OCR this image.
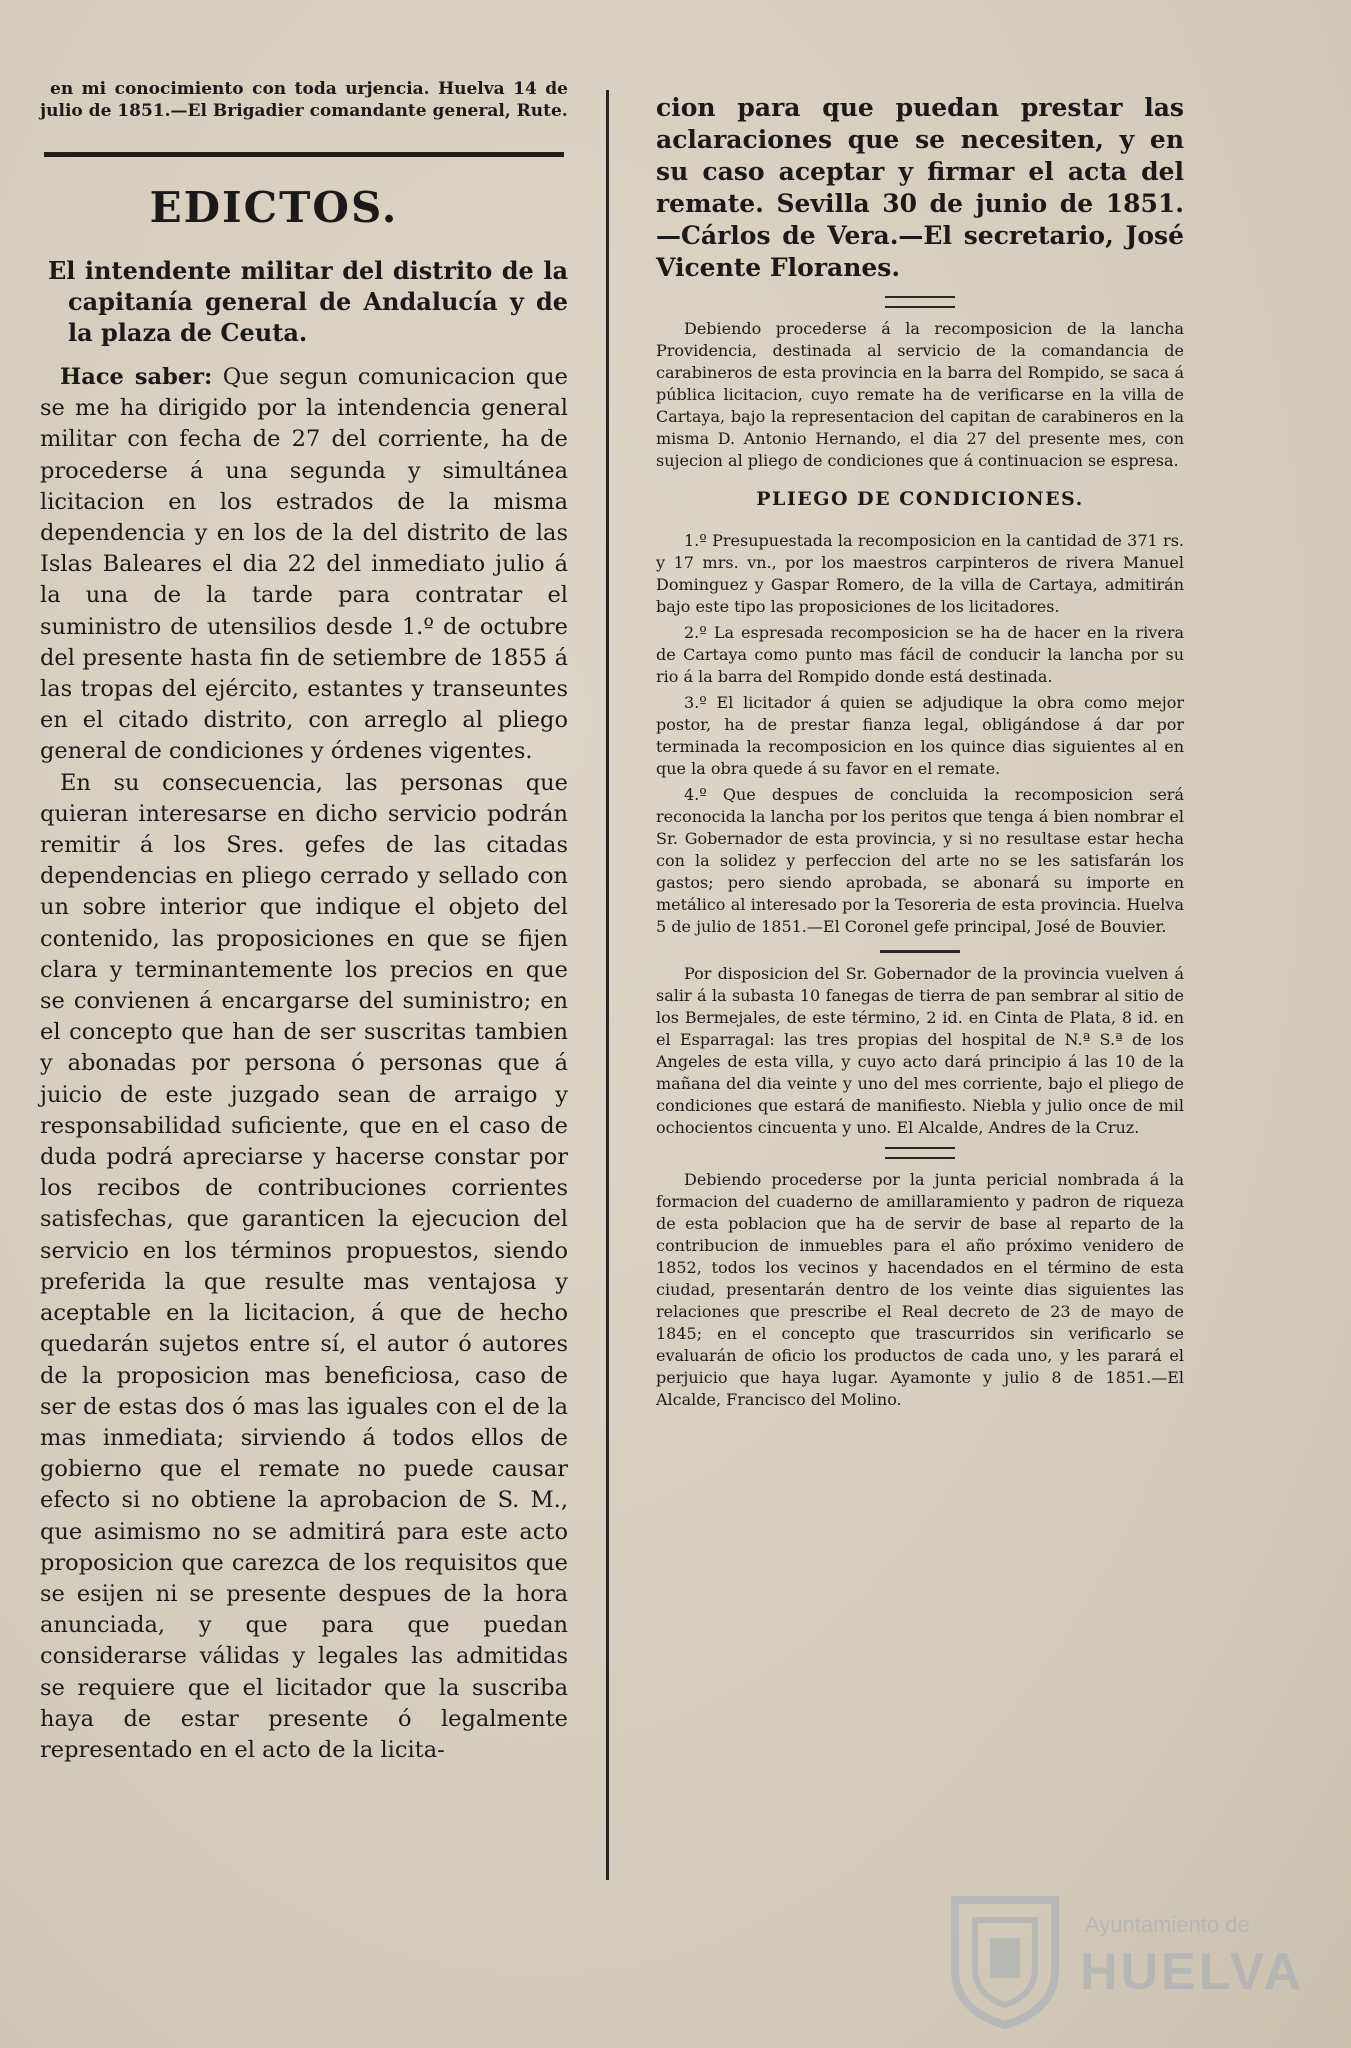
en mi conocimiento con toda urjencia. Huelva 14 de julio de 1851.—El Brigadier comandante general, Rute.

EDICTOS.

El intendente militar del distrito de la capitanía general de Andalucía y de la plaza de Ceuta.

Hace saber: Que segun comunicacion que se me ha dirigido por la intendencia general militar con fecha de 27 del corriente, ha de procederse á una segunda y simultánea licitacion en los estrados de la misma dependencia y en los de la del distrito de las Islas Baleares el dia 22 del inmediato julio á la una de la tarde para contratar el suministro de utensilios desde 1.º de octubre del presente hasta fin de setiembre de 1855 á las tropas del ejército, estantes y transeuntes en el citado distrito, con arreglo al pliego general de condiciones y órdenes vigentes.

En su consecuencia, las personas que quieran interesarse en dicho servicio podrán remitir á los Sres. gefes de las citadas dependencias en pliego cerrado y sellado con un sobre interior que indique el objeto del contenido, las proposiciones en que se fijen clara y terminantemente los precios en que se convienen á encargarse del suministro; en el concepto que han de ser suscritas tambien y abonadas por persona ó personas que á juicio de este juzgado sean de arraigo y responsabilidad suficiente, que en el caso de duda podrá apreciarse y hacerse constar por los recibos de contribuciones corrientes satisfechas, que garanticen la ejecucion del servicio en los términos propuestos, siendo preferida la que resulte mas ventajosa y aceptable en la licitacion, á que de hecho quedarán sujetos entre sí, el autor ó autores de la proposicion mas beneficiosa, caso de ser de estas dos ó mas las iguales con el de la mas inmediata; sirviendo á todos ellos de gobierno que el remate no puede causar efecto si no obtiene la aprobacion de S. M., que asimismo no se admitirá para este acto proposicion que carezca de los requisitos que se esijen ni se presente despues de la hora anunciada, y que para que puedan considerarse válidas y legales las admitidas se requiere que el licitador que la suscriba haya de estar presente ó legalmente representado en el acto de la licita-

cion para que puedan prestar las aclaraciones que se necesiten, y en su caso aceptar y firmar el acta del remate. Sevilla 30 de junio de 1851.—Cárlos de Vera.—El secretario, José Vicente Floranes.

Debiendo procederse á la recomposicion de la lancha Providencia, destinada al servicio de la comandancia de carabineros de esta provincia en la barra del Rompido, se saca á pública licitacion, cuyo remate ha de verificarse en la villa de Cartaya, bajo la representacion del capitan de carabineros en la misma D. Antonio Hernando, el dia 27 del presente mes, con sujecion al pliego de condiciones que á continuacion se espresa.

PLIEGO DE CONDICIONES.

1.º Presupuestada la recomposicion en la cantidad de 371 rs. y 17 mrs. vn., por los maestros carpinteros de rivera Manuel Dominguez y Gaspar Romero, de la villa de Cartaya, admitirán bajo este tipo las proposiciones de los licitadores.

2.º La espresada recomposicion se ha de hacer en la rivera de Cartaya como punto mas fácil de conducir la lancha por su rio á la barra del Rompido donde está destinada.

3.º El licitador á quien se adjudique la obra como mejor postor, ha de prestar fianza legal, obligándose á dar por terminada la recomposicion en los quince dias siguientes al en que la obra quede á su favor en el remate.

4.º Que despues de concluida la recomposicion será reconocida la lancha por los peritos que tenga á bien nombrar el Sr. Gobernador de esta provincia, y si no resultase estar hecha con la solidez y perfeccion del arte no se les satisfarán los gastos; pero siendo aprobada, se abonará su importe en metálico al interesado por la Tesoreria de esta provincia. Huelva 5 de julio de 1851.—El Coronel gefe principal, José de Bouvier.

Por disposicion del Sr. Gobernador de la provincia vuelven á salir á la subasta 10 fanegas de tierra de pan sembrar al sitio de los Bermejales, de este término, 2 id. en Cinta de Plata, 8 id. en el Esparragal: las tres propias del hospital de N.ª S.ª de los Angeles de esta villa, y cuyo acto dará principio á las 10 de la mañana del dia veinte y uno del mes corriente, bajo el pliego de condiciones que estará de manifiesto. Niebla y julio once de mil ochocientos cincuenta y uno. El Alcalde, Andres de la Cruz.

Debiendo procederse por la junta pericial nombrada á la formacion del cuaderno de amillaramiento y padron de riqueza de esta poblacion que ha de servir de base al reparto de la contribucion de inmuebles para el año próximo venidero de 1852, todos los vecinos y hacendados en el término de esta ciudad, presentarán dentro de los veinte dias siguientes las relaciones que prescribe el Real decreto de 23 de mayo de 1845; en el concepto que trascurridos sin verificarlo se evaluarán de oficio los productos de cada uno, y les parará el perjuicio que haya lugar. Ayamonte y julio 8 de 1851.—El Alcalde, Francisco del Molino.

Ayuntamiento de
HUELVA
